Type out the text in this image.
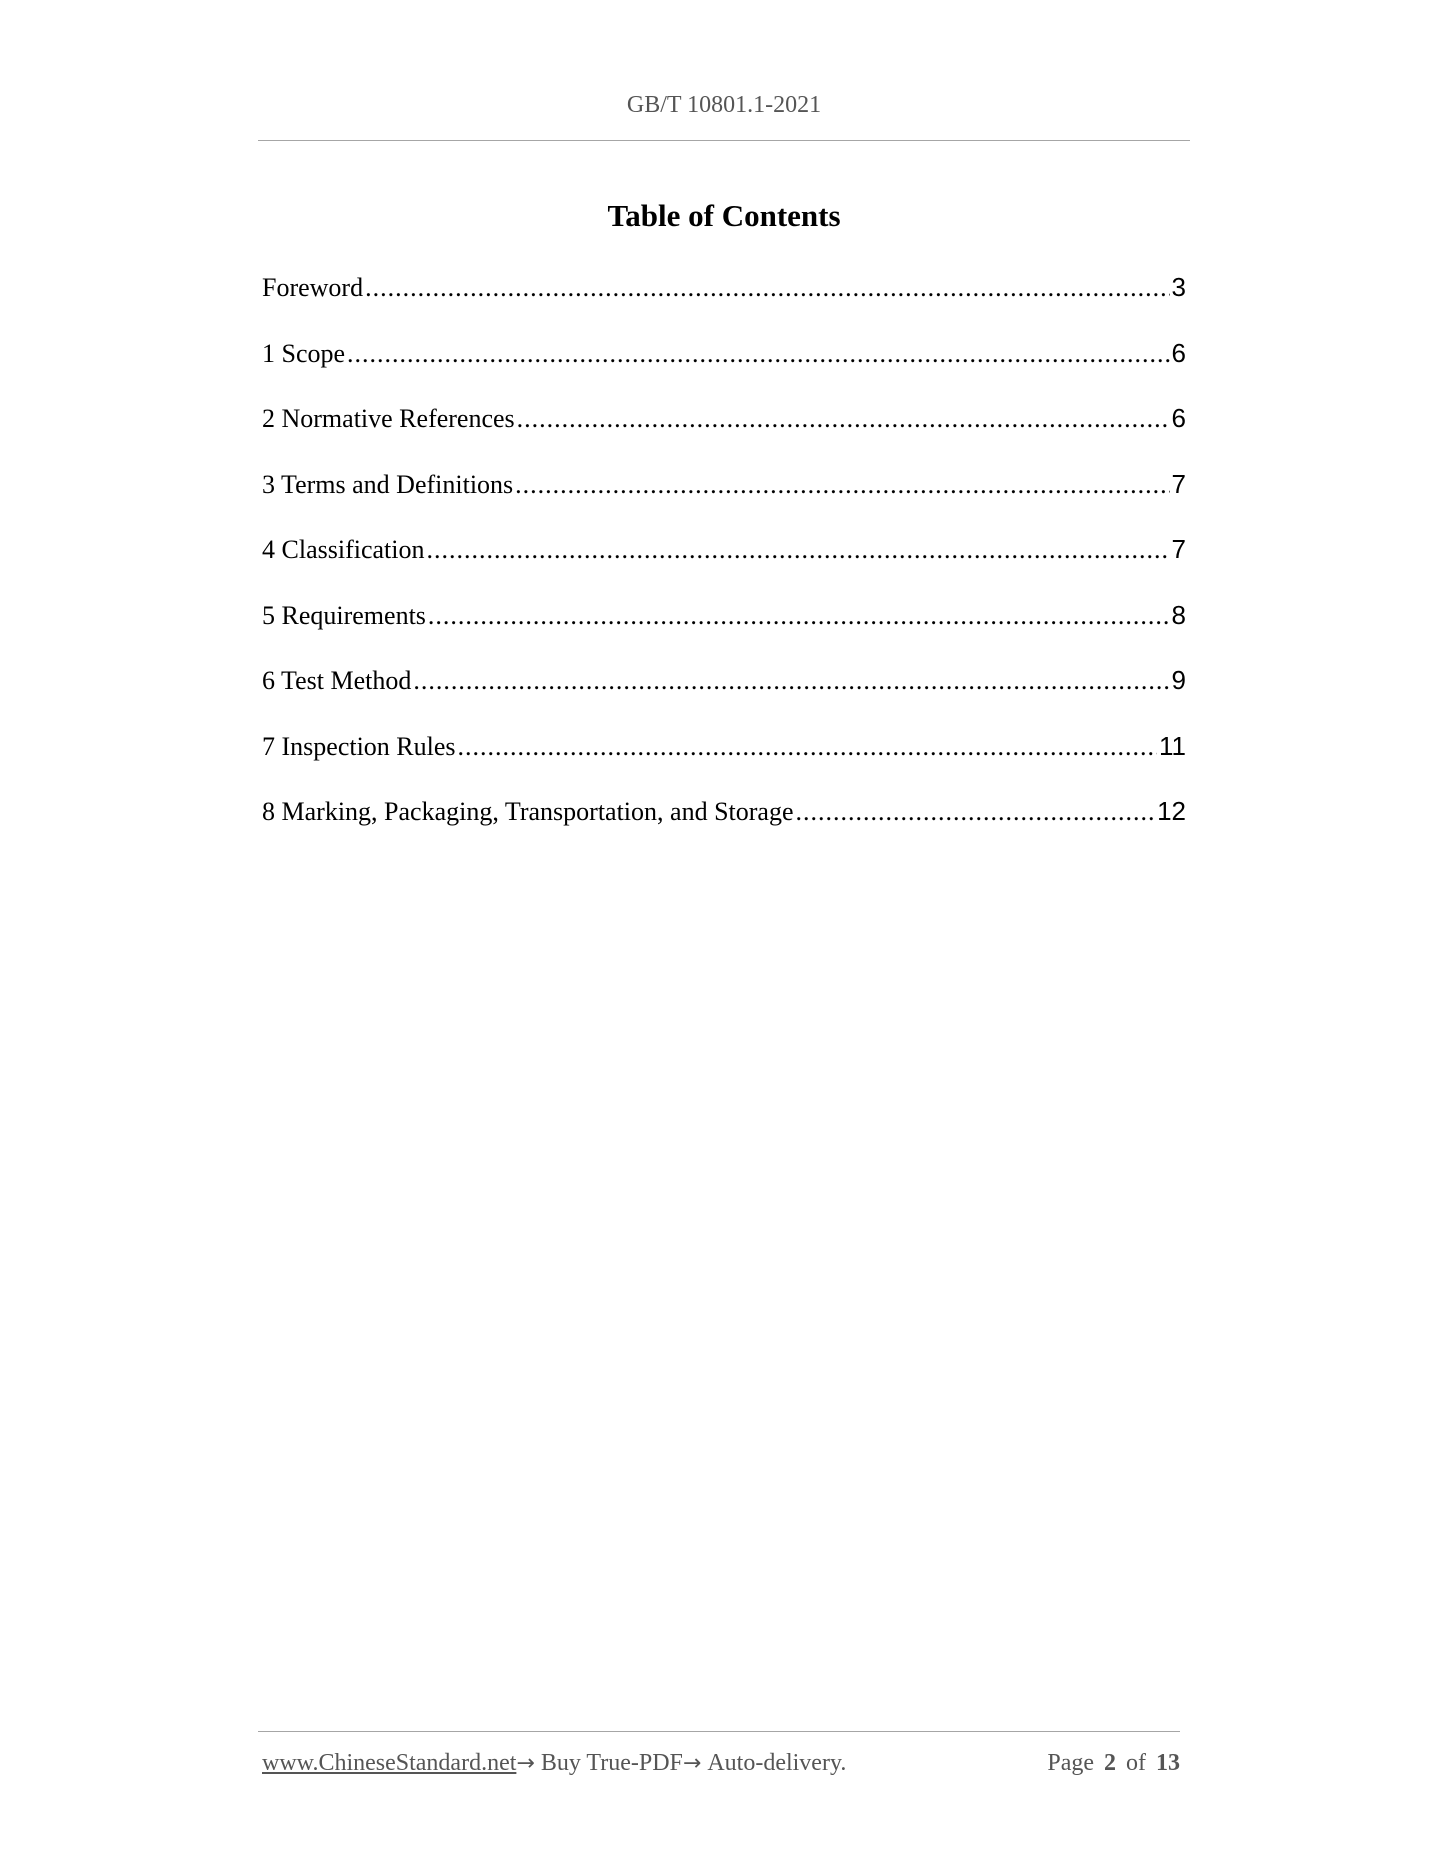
GB/T 10801.1-2021
Table of Contents
Foreword .....	3
1 Scope .....	6
2 Normative References .....	6
3 Terms and Definitions .....	7
4 Classification .....	7
5 Requirements .....	8
6 Test Method .....	9
7 Inspection Rules .....	11
8 Marking, Packaging, Transportation, and Storage .....	12
www.ChineseStandard.net→ Buy True-PDF→ Auto-delivery.	Page 2 of 13
